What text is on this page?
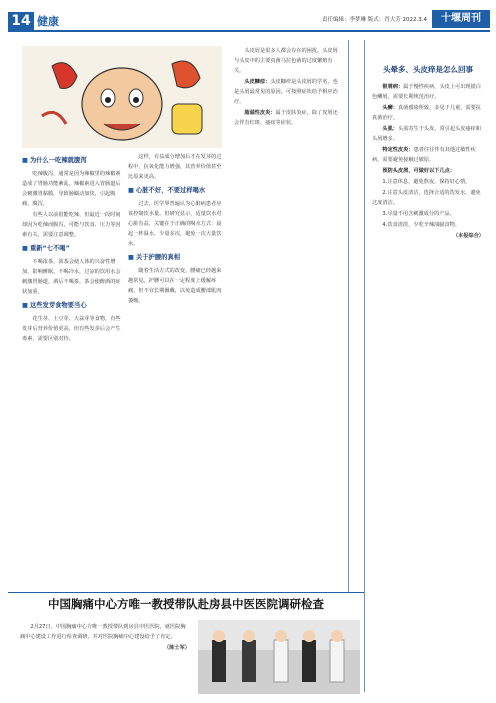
14 健康	责任编辑：李梦琳 版式：肖大芳 2022.3.4	十堰周刊
■ 为什么一吃辣就腹泻

吃辣腹泻，通常是因为辣椒里的辣椒素造成了胃肠功能紊乱。辣椒素进入胃肠道后会刺激胃黏膜，导致肠蠕动加快，引起腹痛、腹泻。

有些人以前很能吃辣，但最近一段时间却因为吃辣而腹泻，可能与饮食、压力等因素有关，需要注意调整。

■ 重新“七不喝”

不喝浓茶，浓茶会使人体的兴奋性增加，影响睡眠。不喝冷水，过凉的饮用水会刺激胃肠道。酒后不喝茶，茶会使醉酒的症状加重。

■ 这些发芽食物要当心

花生芽、土豆芽、大蒜芽等食物，有些发芽后营养价值更高，但有些发芽后会产生毒素，需要区别对待。

这样，有益成分增加后才在发芽的过程中，抗氧化能力增强，其营养价值甚至比原来更高。

■ 心脏不好，不要过样喝水

过去，医学界普遍认为心脏病患者应该控制饮水量。但研究显示，适量饮水对心脏有益，关键在于正确的喝水方式：晨起一杯温水，少量多次，避免一次大量饮水。

■ 关于护腰的真相

随着生活方式的改变，腰痛已经越来越常见。护腰可以在一定程度上缓解疼痛，但不宜长期佩戴，以免造成腰部肌肉萎缩。

头皮屑是很多人都会存在的困扰。头皮屑与头皮中的主要真菌马拉色菌的过度繁殖有关。

头皮糠疹：头皮糠疹是头皮屑的学名，也是头屑最常见的原因。可按照症状给予相应治疗。

脂溢性皮炎：属于皮肤炎症，除了皮屑还会伴有红斑、瘙痒等症状。

头晕多、头皮痒是怎么回事

银屑病：属于慢性疾病，头皮上可出现银白色鳞屑，需要长期规范治疗。

头癣：真菌感染所致，多见于儿童，需要抗真菌治疗。

头虱：头虱寄生于头皮，常引起头皮瘙痒和头屑增多。

特定性皮炎：患者往往伴有其他过敏性疾病，需要避免接触过敏原。

预防头皮屑，可做好以下几点：

1.注意休息，避免熬夜，保持好心情。

2.注意头皮清洁，选择合适的洗发水，避免过度清洁。

3.尽量不用含刺激成分的产品。

4.饮食清淡，少吃辛辣油腻食物。

（本报综合）

中国胸痛中心方唯一教授带队赴房县中医医院调研检查

2月27日，中国胸痛中心方唯一教授带队到房县中医医院，就医院胸痛中心建设工作进行检查调研，并对医院胸痛中心建设给予了肯定。

（陈士军）
